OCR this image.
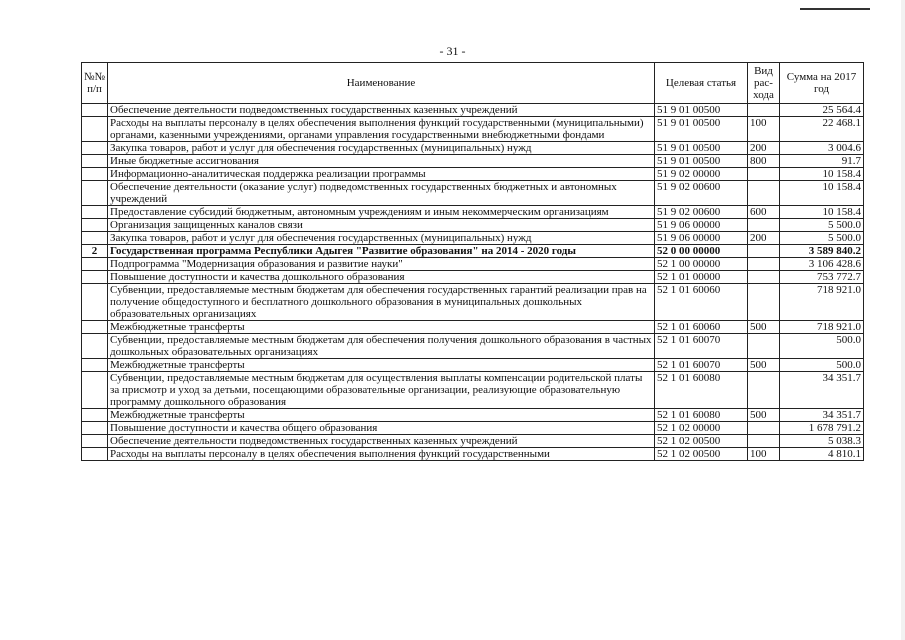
- 31 -
№№ п/п	Наименование	Целевая статья	Вид рас-хода	Сумма на 2017 год
	Обеспечение деятельности подведомственных государственных казенных учреждений	51 9 01 00500		25 564.4
	Расходы на выплаты персоналу в целях обеспечения выполнения функций государственными (муниципальными) органами, казенными учреждениями, органами управления государственными внебюджетными фондами	51 9 01 00500	100	22 468.1
	Закупка товаров, работ и услуг для обеспечения государственных (муниципальных) нужд	51 9 01 00500	200	3 004.6
	Иные бюджетные ассигнования	51 9 01 00500	800	91.7
	Информационно-аналитическая поддержка реализации программы	51 9 02 00000		10 158.4
	Обеспечение деятельности (оказание услуг) подведомственных государственных бюджетных и автономных учреждений	51 9 02 00600		10 158.4
	Предоставление субсидий бюджетным, автономным учреждениям и иным некоммерческим организациям	51 9 02 00600	600	10 158.4
	Организация защищенных каналов связи	51 9 06 00000		5 500.0
	Закупка товаров, работ и услуг для обеспечения государственных (муниципальных) нужд	51 9 06 00000	200	5 500.0
2	Государственная программа Республики Адыгея "Развитие образования" на 2014 - 2020 годы	52 0 00 00000		3 589 840.2
	Подпрограмма "Модернизация образования и развитие науки"	52 1 00 00000		3 106 428.6
	Повышение доступности и качества дошкольного образования	52 1 01 00000		753 772.7
	Субвенции, предоставляемые местным бюджетам для обеспечения государственных гарантий реализации прав на получение общедоступного и бесплатного дошкольного образования в муниципальных дошкольных образовательных организациях	52 1 01 60060		718 921.0
	Межбюджетные трансферты	52 1 01 60060	500	718 921.0
	Субвенции, предоставляемые местным бюджетам для обеспечения получения дошкольного образования в частных дошкольных образовательных организациях	52 1 01 60070		500.0
	Межбюджетные трансферты	52 1 01 60070	500	500.0
	Субвенции, предоставляемые местным бюджетам для осуществления выплаты компенсации родительской платы за присмотр и уход за детьми, посещающими образовательные организации, реализующие образовательную программу дошкольного образования	52 1 01 60080		34 351.7
	Межбюджетные трансферты	52 1 01 60080	500	34 351.7
	Повышение доступности и качества общего образования	52 1 02 00000		1 678 791.2
	Обеспечение деятельности подведомственных государственных казенных учреждений	52 1 02 00500		5 038.3
	Расходы на выплаты персоналу в целях обеспечения выполнения функций государственными	52 1 02 00500	100	4 810.1
